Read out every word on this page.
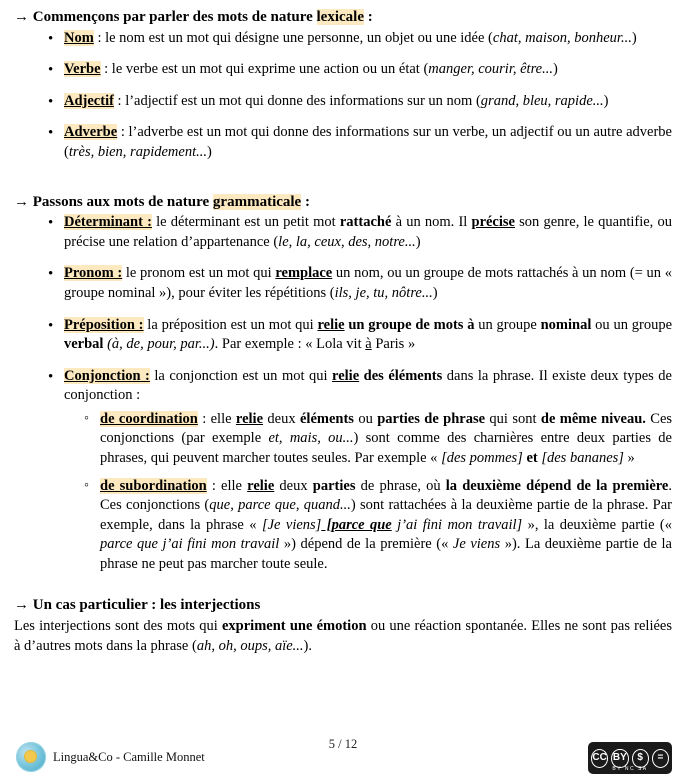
→ Commençons par parler des mots de nature lexicale :
• Nom : le nom est un mot qui désigne une personne, un objet ou une idée (chat, maison, bonheur...)
• Verbe : le verbe est un mot qui exprime une action ou un état (manger, courir, être...)
• Adjectif : l’adjectif est un mot qui donne des informations sur un nom (grand, bleu, rapide...)
• Adverbe : l’adverbe est un mot qui donne des informations sur un verbe, un adjectif ou un autre adverbe (très, bien, rapidement...)
→ Passons aux mots de nature grammaticale :
• Déterminant : le déterminant est un petit mot rattaché à un nom. Il précise son genre, le quantifie, ou précise une relation d’appartenance (le, la, ceux, des, notre...)
• Pronom : le pronom est un mot qui remplace un nom, ou un groupe de mots rattachés à un nom (= un « groupe nominal »), pour éviter les répétitions (ils, je, tu, nôtre...)
• Préposition : la préposition est un mot qui relie un groupe de mots à un groupe nominal ou un groupe verbal (à, de, pour, par...). Par exemple : « Lola vit à Paris »
• Conjonction : la conjonction est un mot qui relie des éléments dans la phrase. Il existe deux types de conjonction :
◦ de coordination : elle relie deux éléments ou parties de phrase qui sont de même niveau. Ces conjonctions (par exemple et, mais, ou...) sont comme des charnières entre deux parties de phrases, qui peuvent marcher toutes seules. Par exemple « [des pommes] et [des bananes] »
◦ de subordination : elle relie deux parties de phrase, où la deuxième dépend de la première. Ces conjonctions (que, parce que, quand...) sont rattachées à la deuxième partie de la phrase. Par exemple, dans la phrase « [Je viens] [parce que j’ai fini mon travail] », la deuxième partie (« parce que j’ai fini mon travail ») dépend de la première (« Je viens »). La deuxième partie de la phrase ne peut pas marcher toute seule.
→ Un cas particulier : les interjections
Les interjections sont des mots qui expriment une émotion ou une réaction spontanée. Elles ne sont pas reliées à d’autres mots dans la phrase (ah, oh, oups, aïe...).
Lingua&Co - Camille Monnet
5 / 12
CC BY	$	=
BY NC SA
